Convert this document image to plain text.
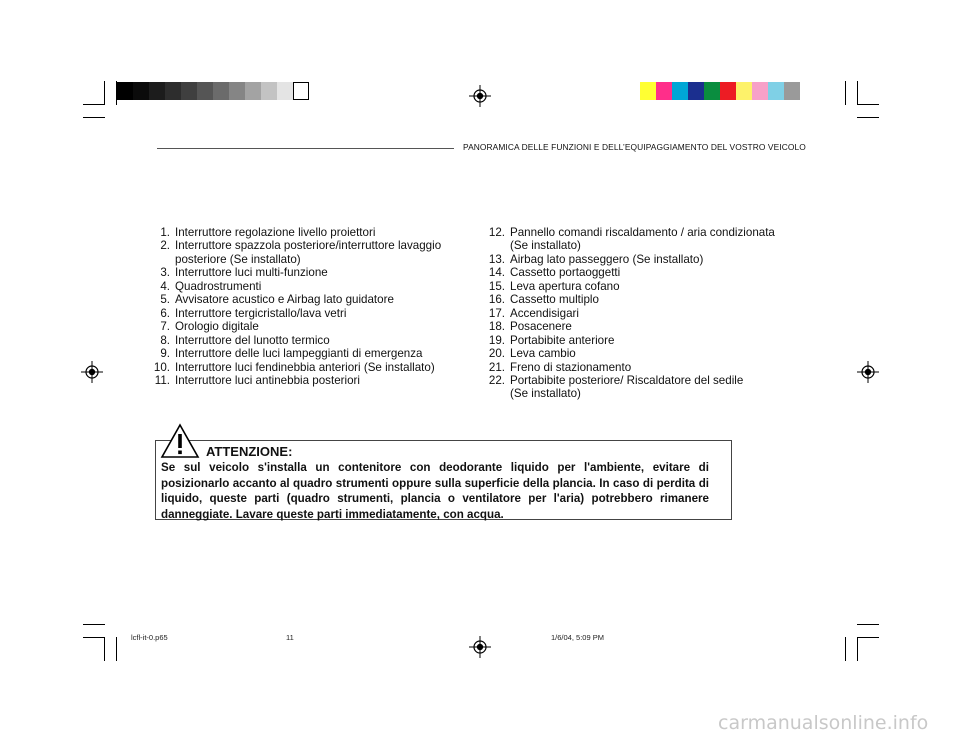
PANORAMICA DELLE FUNZIONI E DELL’EQUIPAGGIAMENTO DEL VOSTRO VEICOLO
1. Interruttore regolazione livello proiettori
2. Interruttore spazzola posteriore/interruttore lavaggio
posteriore (Se installato)
3. Interruttore luci multi-funzione
4. Quadrostrumenti
5. Avvisatore acustico e Airbag lato guidatore
6. Interruttore tergicristallo/lava vetri
7. Orologio digitale
8. Interruttore del lunotto termico
9. Interruttore delle luci lampeggianti di emergenza
10. Interruttore luci fendinebbia anteriori (Se installato)
11. Interruttore luci antinebbia posteriori
12. Pannello comandi riscaldamento / aria condizionata
(Se installato)
13. Airbag lato passeggero (Se installato)
14. Cassetto portaoggetti
15. Leva apertura cofano
16. Cassetto multiplo
17. Accendisigari
18. Posacenere
19. Portabibite anteriore
20. Leva cambio
21. Freno di stazionamento
22. Portabibite posteriore/ Riscaldatore del sedile
(Se installato)
ATTENZIONE:
Se sul veicolo s'installa un contenitore con deodorante liquido per l'ambiente, evitare di posizionarlo accanto al quadro strumenti oppure sulla superficie della plancia. In caso di perdita di liquido, queste parti (quadro strumenti, plancia o ventilatore per l'aria) potrebbero rimanere danneggiate. Lavare queste parti immediatamente, con acqua.
lcfl-it-0.p65	11	1/6/04, 5:09 PM
carmanualsonline.info
